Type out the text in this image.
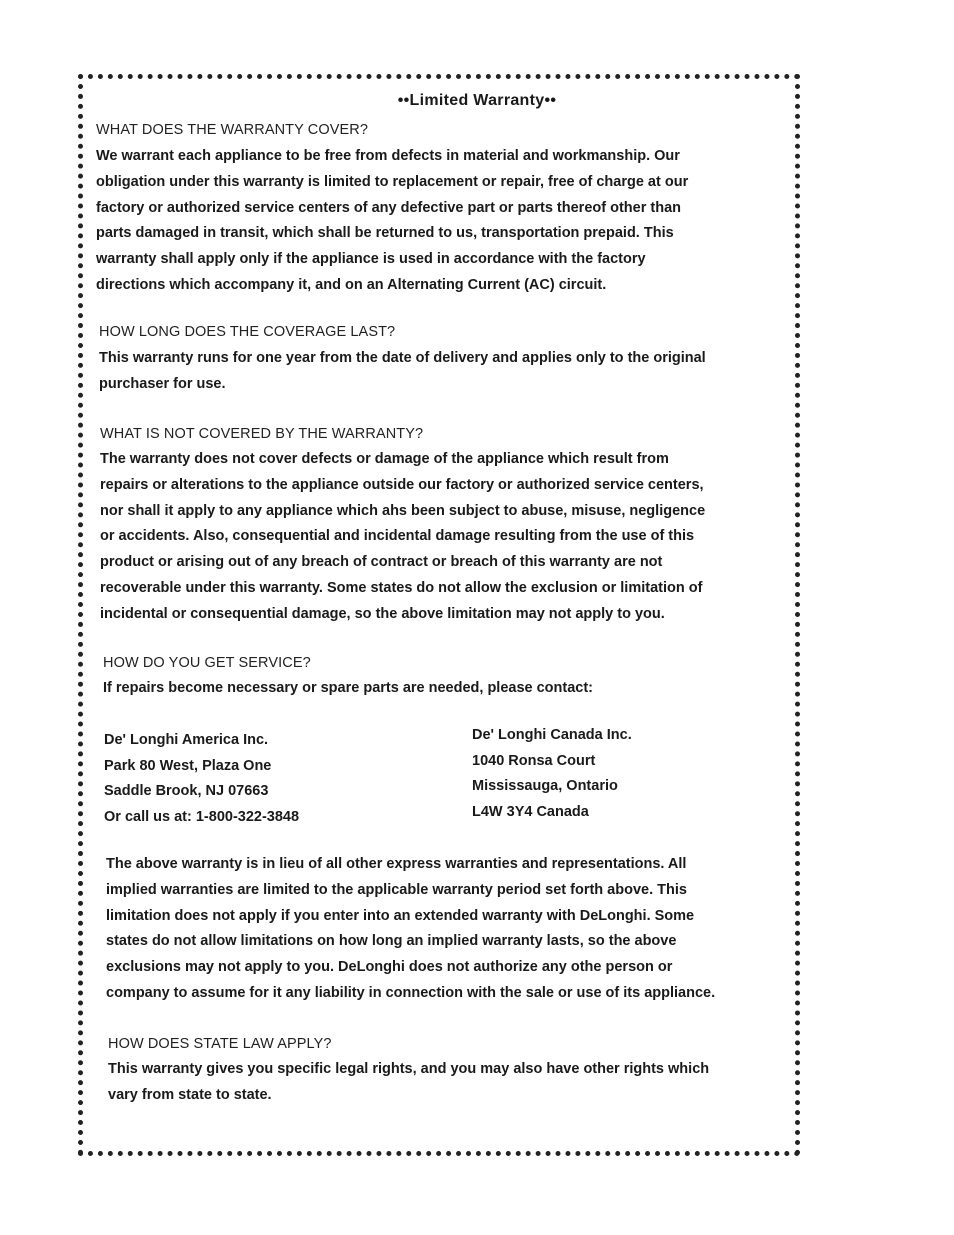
••Limited Warranty••
WHAT DOES THE WARRANTY COVER?
We warrant each appliance to be free from defects in material and workmanship. Our
obligation under this warranty is limited to replacement or repair, free of charge at our
factory or authorized service centers of any defective part or parts thereof other than
parts damaged in transit, which shall be returned to us, transportation prepaid. This
warranty shall apply only if the appliance is used in accordance with the factory
directions which accompany it, and on an Alternating Current (AC) circuit.
HOW LONG DOES THE COVERAGE LAST?
This warranty runs for one year from the date of delivery and applies only to the original
purchaser for use.
WHAT IS NOT COVERED BY THE WARRANTY?
The warranty does not cover defects or damage of the appliance which result from
repairs or alterations to the appliance outside our factory or authorized service centers,
nor shall it apply to any appliance which ahs been subject to abuse, misuse, negligence
or accidents. Also, consequential and incidental damage resulting from the use of this
product or arising out of any breach of contract or breach of this warranty are not
recoverable under this warranty. Some states do not allow the exclusion or limitation of
incidental or consequential damage, so the above limitation may not apply to you.
HOW DO YOU GET SERVICE?
If repairs become necessary or spare parts are needed, please contact:
De' Longhi America Inc.
Park 80 West, Plaza One
Saddle Brook, NJ 07663
Or call us at: 1-800-322-3848
De' Longhi Canada Inc.
1040 Ronsa Court
Mississauga, Ontario
L4W 3Y4 Canada
The above warranty is in lieu of all other express warranties and representations. All
implied warranties are limited to the applicable warranty period set forth above. This
limitation does not apply if you enter into an extended warranty with DeLonghi. Some
states do not allow limitations on how long an implied warranty lasts, so the above
exclusions may not apply to you. DeLonghi does not authorize any othe person or
company to assume for it any liability in connection with the sale or use of its appliance.
HOW DOES STATE LAW APPLY?
This warranty gives you specific legal rights, and you may also have other rights which
vary from state to state.
